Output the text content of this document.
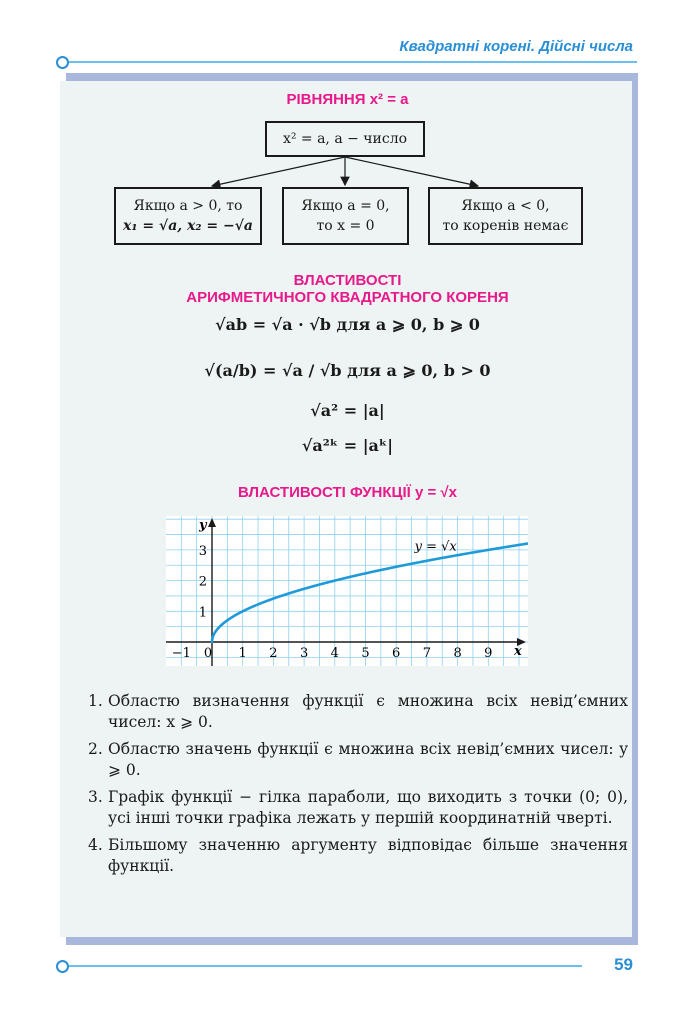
Квадратні корені. Дійсні числа
РІВНЯННЯ x² = a
x² = a, a − число
Якщо a > 0, то
x₁ = √a, x₂ = −√a
Якщо a = 0,
то x = 0
Якщо a < 0,
то коренів немає
ВЛАСТИВОСТІ
АРИФМЕТИЧНОГО КВАДРАТНОГО КОРЕНЯ
√ab = √a · √b для a ⩾ 0, b ⩾ 0
√(a/b) = √a / √b для a ⩾ 0, b > 0
√a² = |a|
√a²ᵏ = |aᵏ|
ВЛАСТИВОСТІ ФУНКЦІЇ y = √x
x
y
−1 0 1 2 3 4 5 6 7 8 9
1
2
3	y = √x
1. Областю визначення функції є множина всіх невід’ємних чисел: x ⩾ 0.
2. Областю значень функції є множина всіх невід’ємних чисел: y ⩾ 0.
3. Графік функції − гілка параболи, що виходить з точки (0; 0), усі інші точки графіка лежать у першій координатній чверті.
4. Більшому значенню аргументу відповідає більше значення функції.
59
